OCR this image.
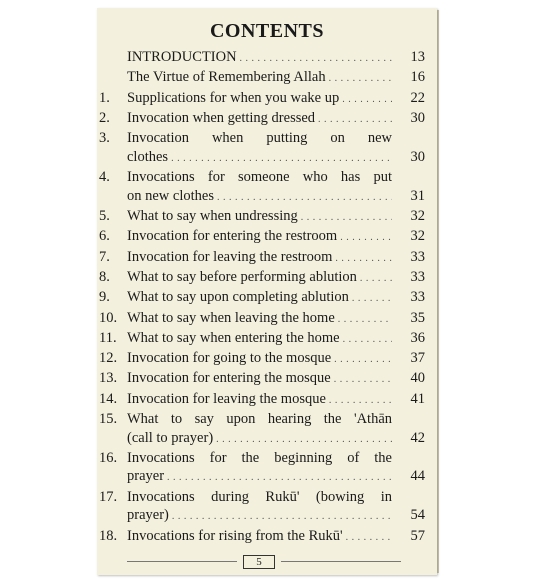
CONTENTS
INTRODUCTION . . .	13
The Virtue of Remembering Allah . . .	16
1.	Supplications for when you wake up . . .	22
2.	Invocation when getting dressed . . .	30
3.	Invocation when putting on new
clothes . . .	30
4.	Invocations for someone who has put
on new clothes . . .	31
5.	What to say when undressing . . .	32
6.	Invocation for entering the restroom . . .	32
7.	Invocation for leaving the restroom . . .	33
8.	What to say before performing ablution . . .	33
9.	What to say upon completing ablution . . .	33
10. What to say when leaving the home . . .	35
11. What to say when entering the home . . .	36
12. Invocation for going to the mosque . . .	37
13. Invocation for entering the mosque . . .	40
14. Invocation for leaving the mosque . . .	41
15. What to say upon hearing the 'Athān
(call to prayer) . . .	42
16. Invocations for the beginning of the
prayer . . .	44
17. Invocations during Rukū' (bowing in
prayer) . . .	54
18. Invocations for rising from the Rukū' . . .	57
5
